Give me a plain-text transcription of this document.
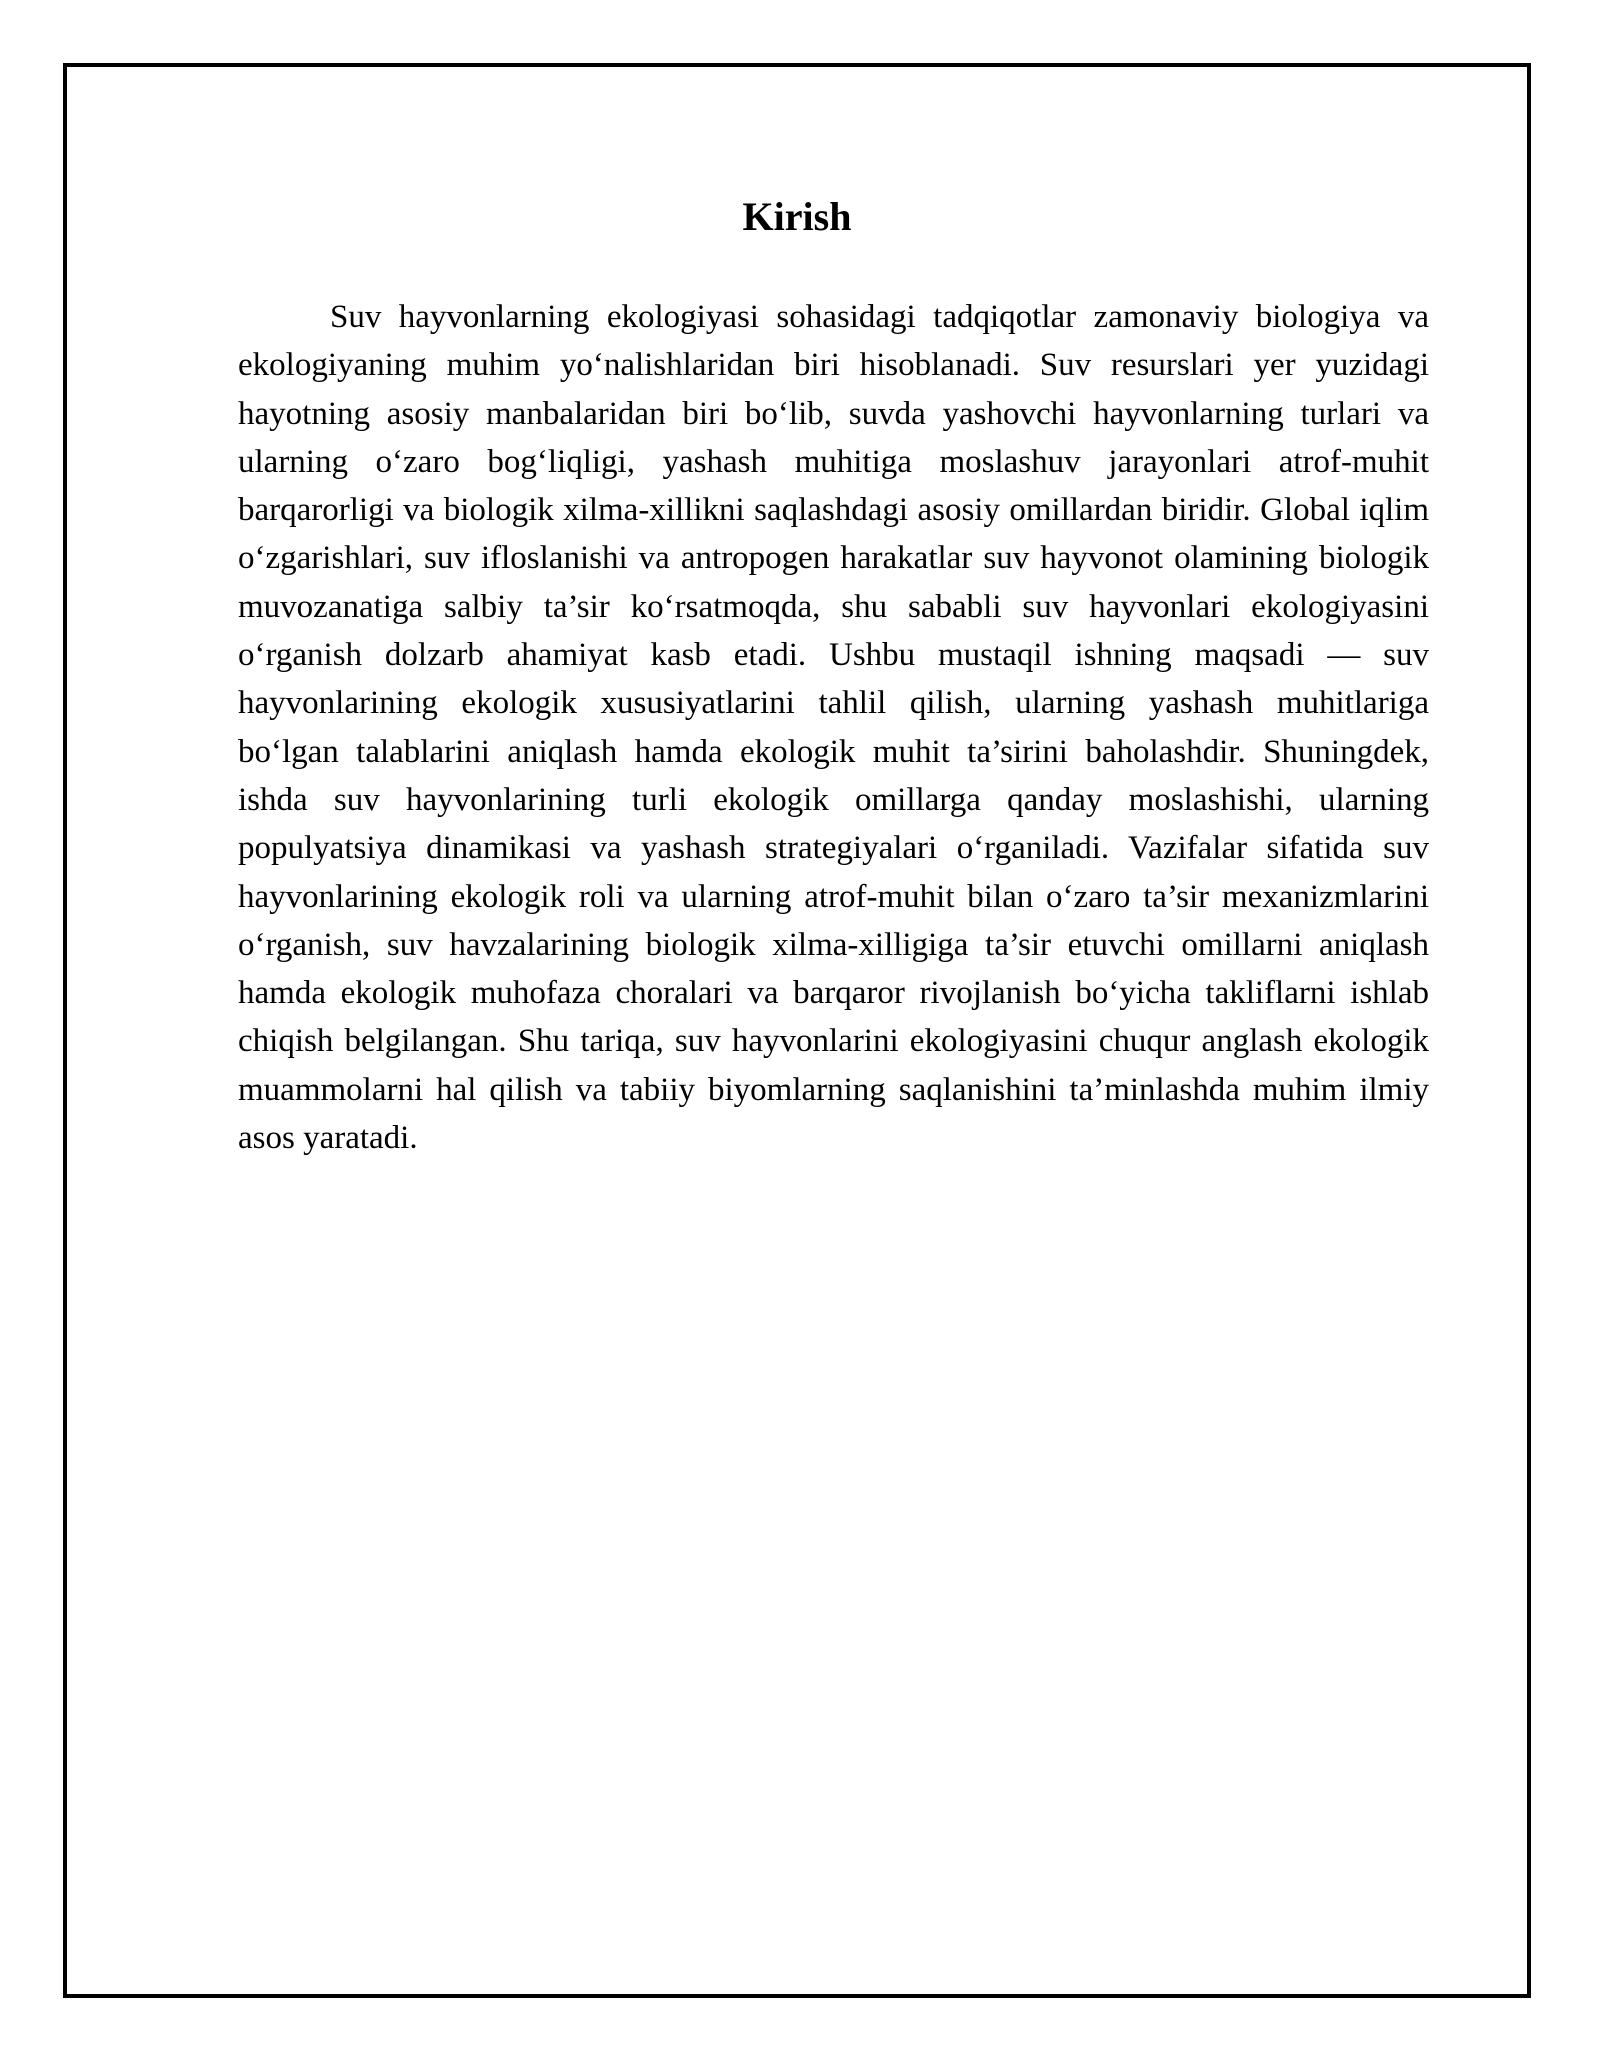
Kirish

Suv hayvonlarning ekologiyasi sohasidagi tadqiqotlar zamonaviy biologiya va ekologiyaning muhim yo‘nalishlaridan biri hisoblanadi. Suv resurslari yer yuzidagi hayotning asosiy manbalaridan biri bo‘lib, suvda yashovchi hayvonlarning turlari va ularning o‘zaro bog‘liqligi, yashash muhitiga moslashuv jarayonlari atrof-muhit barqarorligi va biologik xilma-xillikni saqlashdagi asosiy omillardan biridir. Global iqlim o‘zgarishlari, suv ifloslanishi va antropogen harakatlar suv hayvonot olamining biologik muvozanatiga salbiy ta’sir ko‘rsatmoqda, shu sababli suv hayvonlari ekologiyasini o‘rganish dolzarb ahamiyat kasb etadi. Ushbu mustaqil ishning maqsadi — suv hayvonlarining ekologik xususiyatlarini tahlil qilish, ularning yashash muhitlariga bo‘lgan talablarini aniqlash hamda ekologik muhit ta’sirini baholashdir. Shuningdek, ishda suv hayvonlarining turli ekologik omillarga qanday moslashishi, ularning populyatsiya dinamikasi va yashash strategiyalari o‘rganiladi. Vazifalar sifatida suv hayvonlarining ekologik roli va ularning atrof-muhit bilan o‘zaro ta’sir mexanizmlarini o‘rganish, suv havzalarining biologik xilma-xilligiga ta’sir etuvchi omillarni aniqlash hamda ekologik muhofaza choralari va barqaror rivojlanish bo‘yicha takliflarni ishlab chiqish belgilangan. Shu tariqa, suv hayvonlarini ekologiyasini chuqur anglash ekologik muammolarni hal qilish va tabiiy biyomlarning saqlanishini ta’minlashda muhim ilmiy asos yaratadi.
